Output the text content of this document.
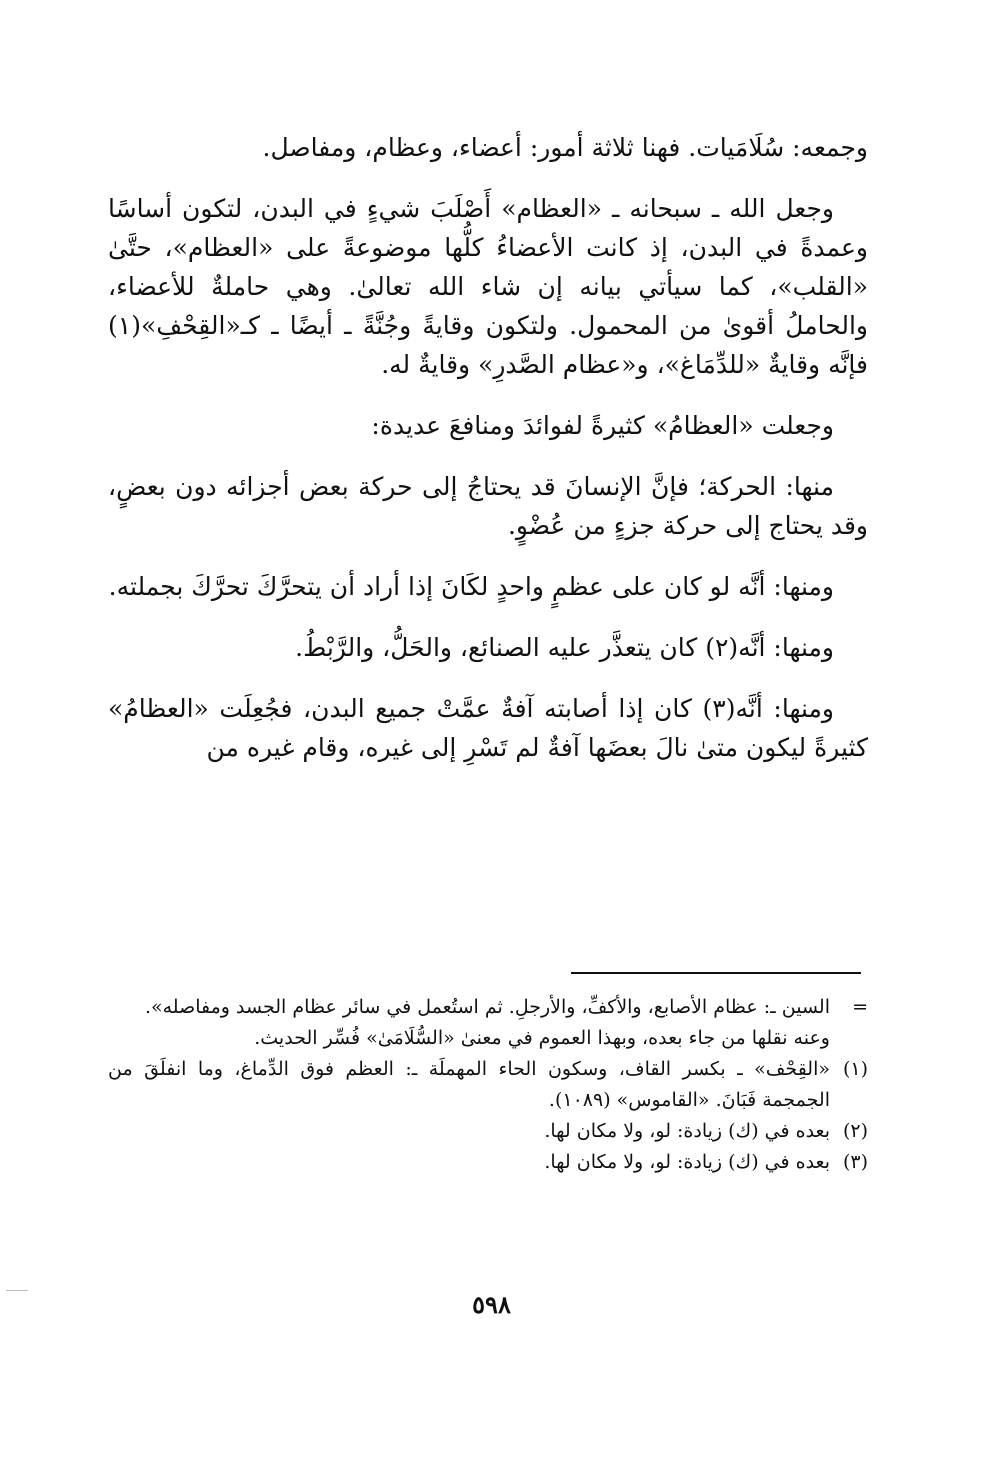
وجمعه: سُلَامَيات. فهنا ثلاثة أمور: أعضاء، وعظام، ومفاصل.

وجعل الله ـ سبحانه ـ «العظام» أَصْلَبَ شيءٍ في البدن، لتكون أساسًا وعمدةً في البدن، إذ كانت الأعضاءُ كلُّها موضوعةً على «العظام»، حتَّىٰ «القلب»، كما سيأتي بيانه إن شاء الله تعالىٰ. وهي حاملةٌ للأعضاء، والحاملُ أقوىٰ من المحمول. ولتكون وقايةً وجُنَّةً ـ أيضًا ـ كـ«القِحْفِ»(١) فإنَّه وقايةٌ «للدِّمَاغ»، و«عظام الصَّدرِ» وقايةٌ له.

وجعلت «العظامُ» كثيرةً لفوائدَ ومنافعَ عديدة:

منها: الحركة؛ فإنَّ الإنسانَ قد يحتاجُ إلى حركة بعض أجزائه دون بعضٍ، وقد يحتاج إلى حركة جزءٍ من عُضْوٍ.

ومنها: أنَّه لو كان على عظمٍ واحدٍ لكَانَ إذا أراد أن يتحرَّكَ تحرَّكَ بجملته.

ومنها: أنَّه(٢) كان يتعذَّر عليه الصنائع، والحَلُّ، والرَّبْطُ.

ومنها: أنَّه(٣) كان إذا أصابته آفةٌ عمَّتْ جميع البدن، فجُعِلَت «العظامُ» كثيرةً ليكون متىٰ نالَ بعضَها آفةٌ لم تَسْرِ إلى غيره، وقام غيره من

=
السين ـ: عظام الأصابع، والأكفِّ، والأرجلِ. ثم استُعمل في سائر عظام الجسد ومفاصله».
وعنه نقلها من جاء بعده، وبهذا العموم في معنىٰ «السُّلَامَىٰ» فُسِّر الحديث.
(١)
«القِحْف» ـ بكسر القاف، وسكون الحاء المهملَة ـ: العظم فوق الدِّماغ، وما انفلَقَ من الجمجمة فَبَانَ. «القاموس» (١٠٨٩).
(٢)
بعده في (ك) زيادة: لو، ولا مكان لها.
(٣)
بعده في (ك) زيادة: لو، ولا مكان لها.
٥٩٨
